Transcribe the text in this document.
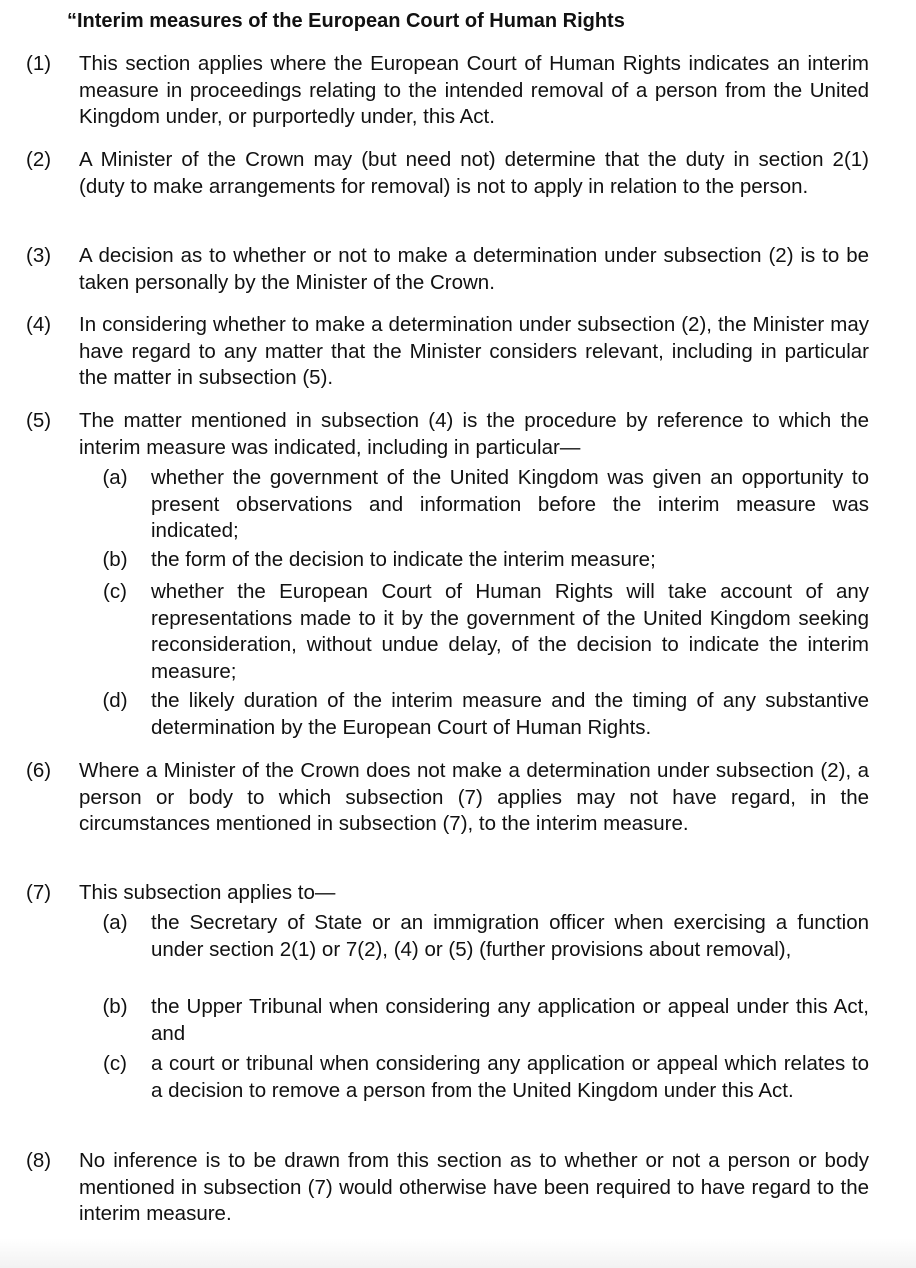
“Interim measures of the European Court of Human Rights
(1) This section applies where the European Court of Human Rights indicates an interim measure in proceedings relating to the intended removal of a person from the United Kingdom under, or purportedly under, this Act.

(2) A Minister of the Crown may (but need not) determine that the duty in section 2(1) (duty to make arrangements for removal) is not to apply in relation to the person.

(3) A decision as to whether or not to make a determination under subsection (2) is to be taken personally by the Minister of the Crown.

(4) In considering whether to make a determination under subsection (2), the Minister may have regard to any matter that the Minister considers relevant, including in particular the matter in subsection (5).

(5) The matter mentioned in subsection (4) is the procedure by reference to which the interim measure was indicated, including in particular—

(a) whether the government of the United Kingdom was given an opportunity to present observations and information before the interim measure was indicated;

(b) the form of the decision to indicate the interim measure;

(c) whether the European Court of Human Rights will take account of any representations made to it by the government of the United Kingdom seeking reconsideration, without undue delay, of the decision to indicate the interim measure;

(d) the likely duration of the interim measure and the timing of any substantive determination by the European Court of Human Rights.

(6) Where a Minister of the Crown does not make a determination under subsection (2), a person or body to which subsection (7) applies may not have regard, in the circumstances mentioned in subsection (7), to the interim measure.

(7) This subsection applies to—

(a) the Secretary of State or an immigration officer when exercising a function under section 2(1) or 7(2), (4) or (5) (further provisions about removal),

(b) the Upper Tribunal when considering any application or appeal under this Act, and

(c) a court or tribunal when considering any application or appeal which relates to a decision to remove a person from the United Kingdom under this Act.

(8) No inference is to be drawn from this section as to whether or not a person or body mentioned in subsection (7) would otherwise have been required to have regard to the interim measure.
